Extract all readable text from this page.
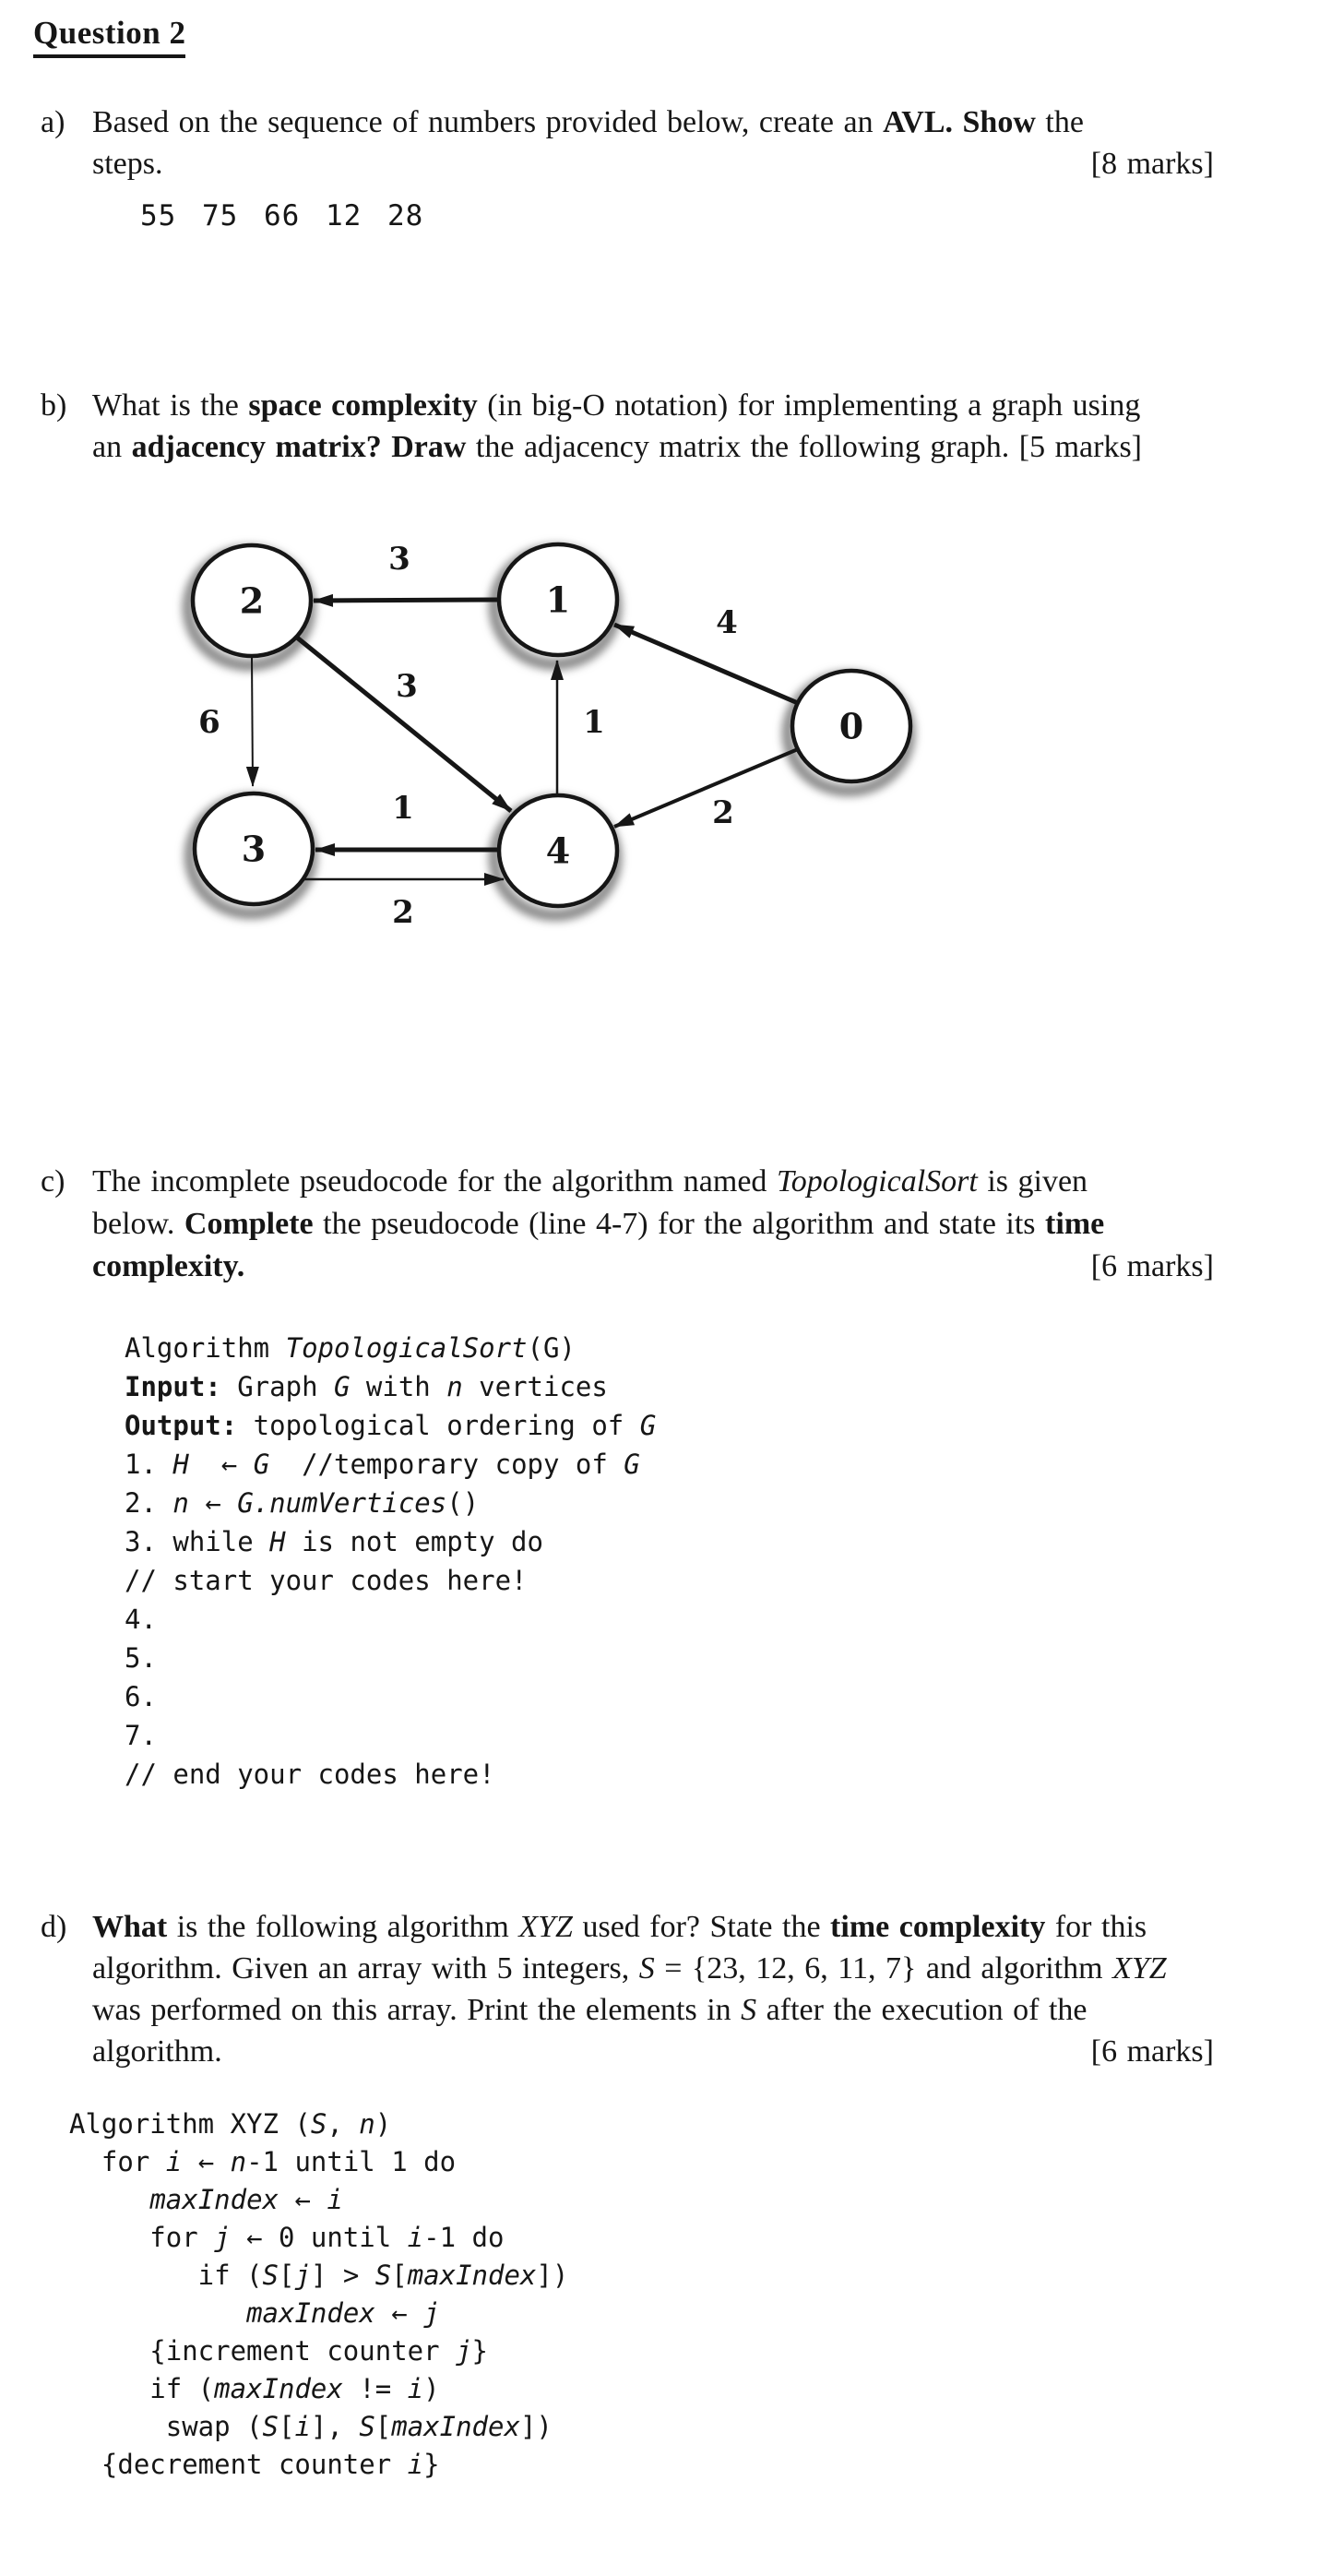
2	1
0
3	4
3
4
6
3
1
2
1
2
Question 2
a) Based on the sequence of numbers provided below, create an AVL. Show the
steps.	[8 marks]
55 75 66 12 28
b) What is the space complexity (in big-O notation) for implementing a graph using
an adjacency matrix? Draw the adjacency matrix the following graph. [5 marks]
c) The incomplete pseudocode for the algorithm named TopologicalSort is given
below. Complete the pseudocode (line 4-7) for the algorithm and state its time
complexity.	[6 marks]
Algorithm TopologicalSort(G)
Input: Graph G with n vertices
Output: topological ordering of G
1. H  ← G  //temporary copy of G
2. n ← G.numVertices()
3. while H is not empty do
// start your codes here!
4.
5.
6.
7.
// end your codes here!
d) What is the following algorithm XYZ used for? State the time complexity for this
algorithm. Given an array with 5 integers, S = {23, 12, 6, 11, 7} and algorithm XYZ
was performed on this array. Print the elements in S after the execution of the
algorithm.	[6 marks]
Algorithm XYZ (S, n)
for i ← n-1 until 1 do
maxIndex ← i
for j ← 0 until i-1 do
if (S[j] > S[maxIndex])
maxIndex ← j
{increment counter j}
if (maxIndex != i)
swap (S[i], S[maxIndex])
{decrement counter i}
